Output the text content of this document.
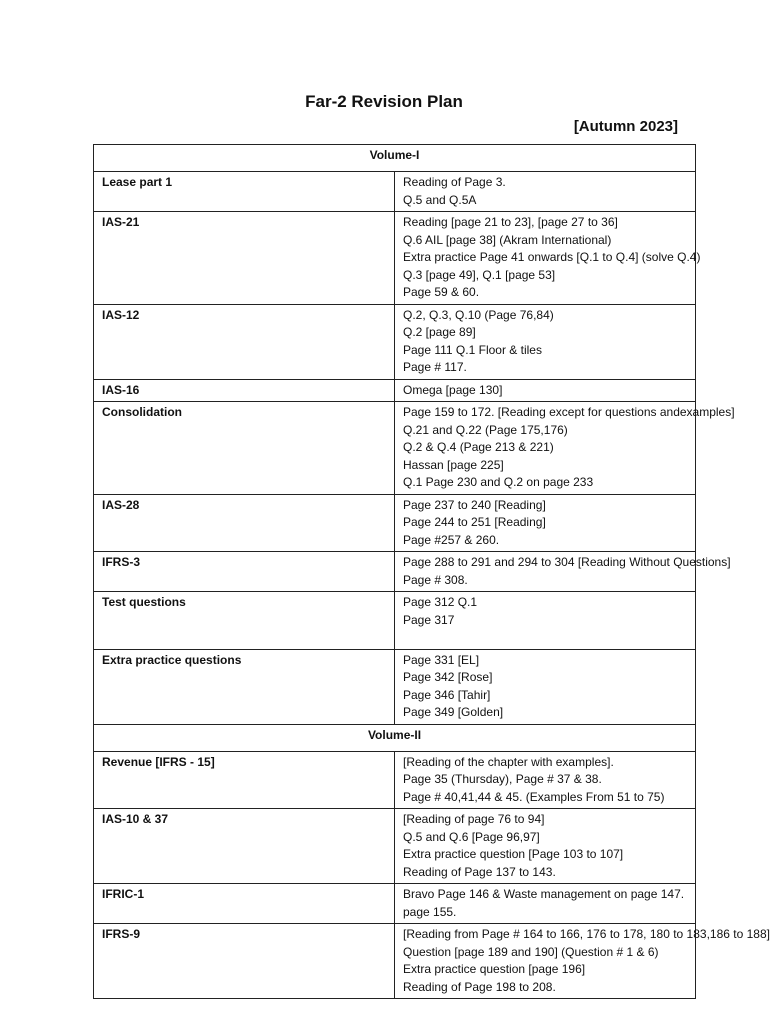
Far-2 Revision Plan
[Autumn 2023]
Volume-I	
Lease part 1	Reading of Page 3.
Q.5 and Q.5A

IAS-21	Reading [page 21 to 23], [page 27 to 36]
Q.6 AIL [page 38] (Akram International)
Extra practice Page 41 onwards [Q.1 to Q.4] (solve Q.4)
Q.3 [page 49], Q.1 [page 53]
Page 59 & 60.

IAS-12	Q.2, Q.3, Q.10 (Page 76,84)
Q.2 [page 89]
Page 111 Q.1 Floor & tiles
Page # 117.

IAS-16	Omega [page 130]

Consolidation	Page 159 to 172. [Reading except for questions andexamples]
Q.21 and Q.22 (Page 175,176)
Q.2 & Q.4 (Page 213 & 221)
Hassan [page 225]
Q.1 Page 230 and Q.2 on page 233

IAS-28	Page 237 to 240 [Reading]
Page 244 to 251 [Reading]
Page #257 & 260.

IFRS-3	Page 288 to 291 and 294 to 304 [Reading Without Questions]
Page # 308.

Test questions	Page 312 Q.1
Page 317

Extra practice questions	Page 331 [EL]
Page 342 [Rose]
Page 346 [Tahir]
Page 349 [Golden]

Volume-II	
Revenue [IFRS - 15]	[Reading of the chapter with examples].
Page 35 (Thursday), Page # 37 & 38.
Page # 40,41,44 & 45. (Examples From 51 to 75)

IAS-10 & 37	[Reading of page 76 to 94]
Q.5 and Q.6 [Page 96,97]
Extra practice question [Page 103 to 107]
Reading of Page 137 to 143.

IFRIC-1	Bravo Page 146 & Waste management on page 147.
page 155.

IFRS-9	[Reading from Page # 164 to 166, 176 to 178, 180 to 183,186 to 188]
Question [page 189 and 190] (Question # 1 & 6)
Extra practice question [page 196]
Reading of Page 198 to 208.
